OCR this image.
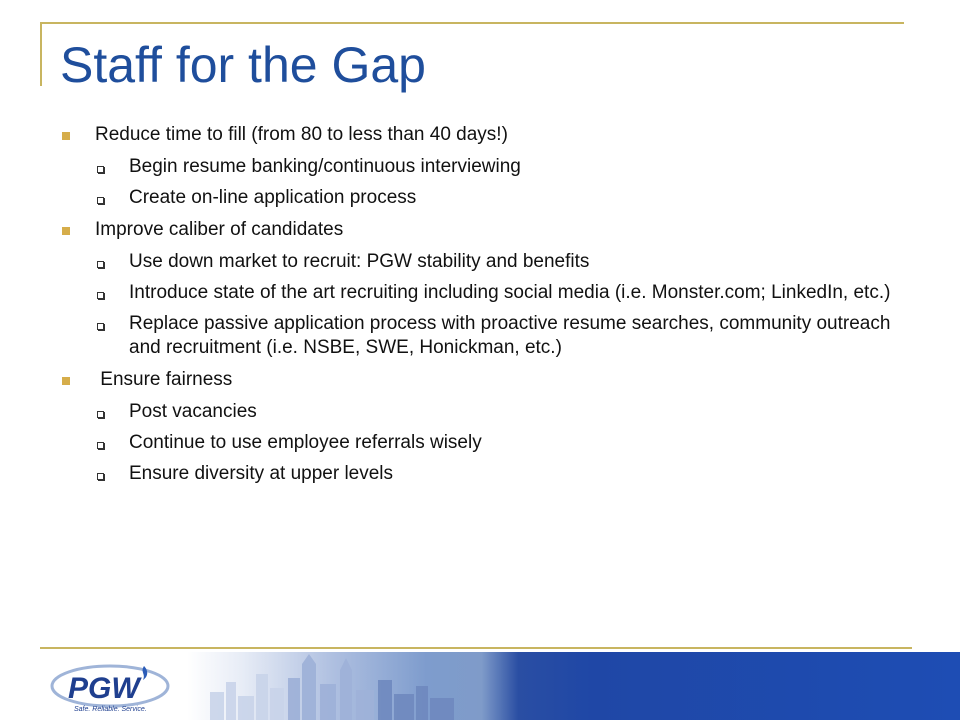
Staff for the Gap
Reduce time to fill (from 80 to less than 40 days!)
Begin resume banking/continuous interviewing
Create on-line application process
Improve caliber of candidates
Use down market to recruit: PGW stability and benefits
Introduce state of the art recruiting including social media (i.e. Monster.com; LinkedIn, etc.)
Replace passive application process with proactive resume searches, community outreach and recruitment (i.e. NSBE, SWE, Honickman, etc.)
Ensure fairness
Post vacancies
Continue to use employee referrals wisely
Ensure diversity at upper levels
PGW
Safe. Reliable. Service.
